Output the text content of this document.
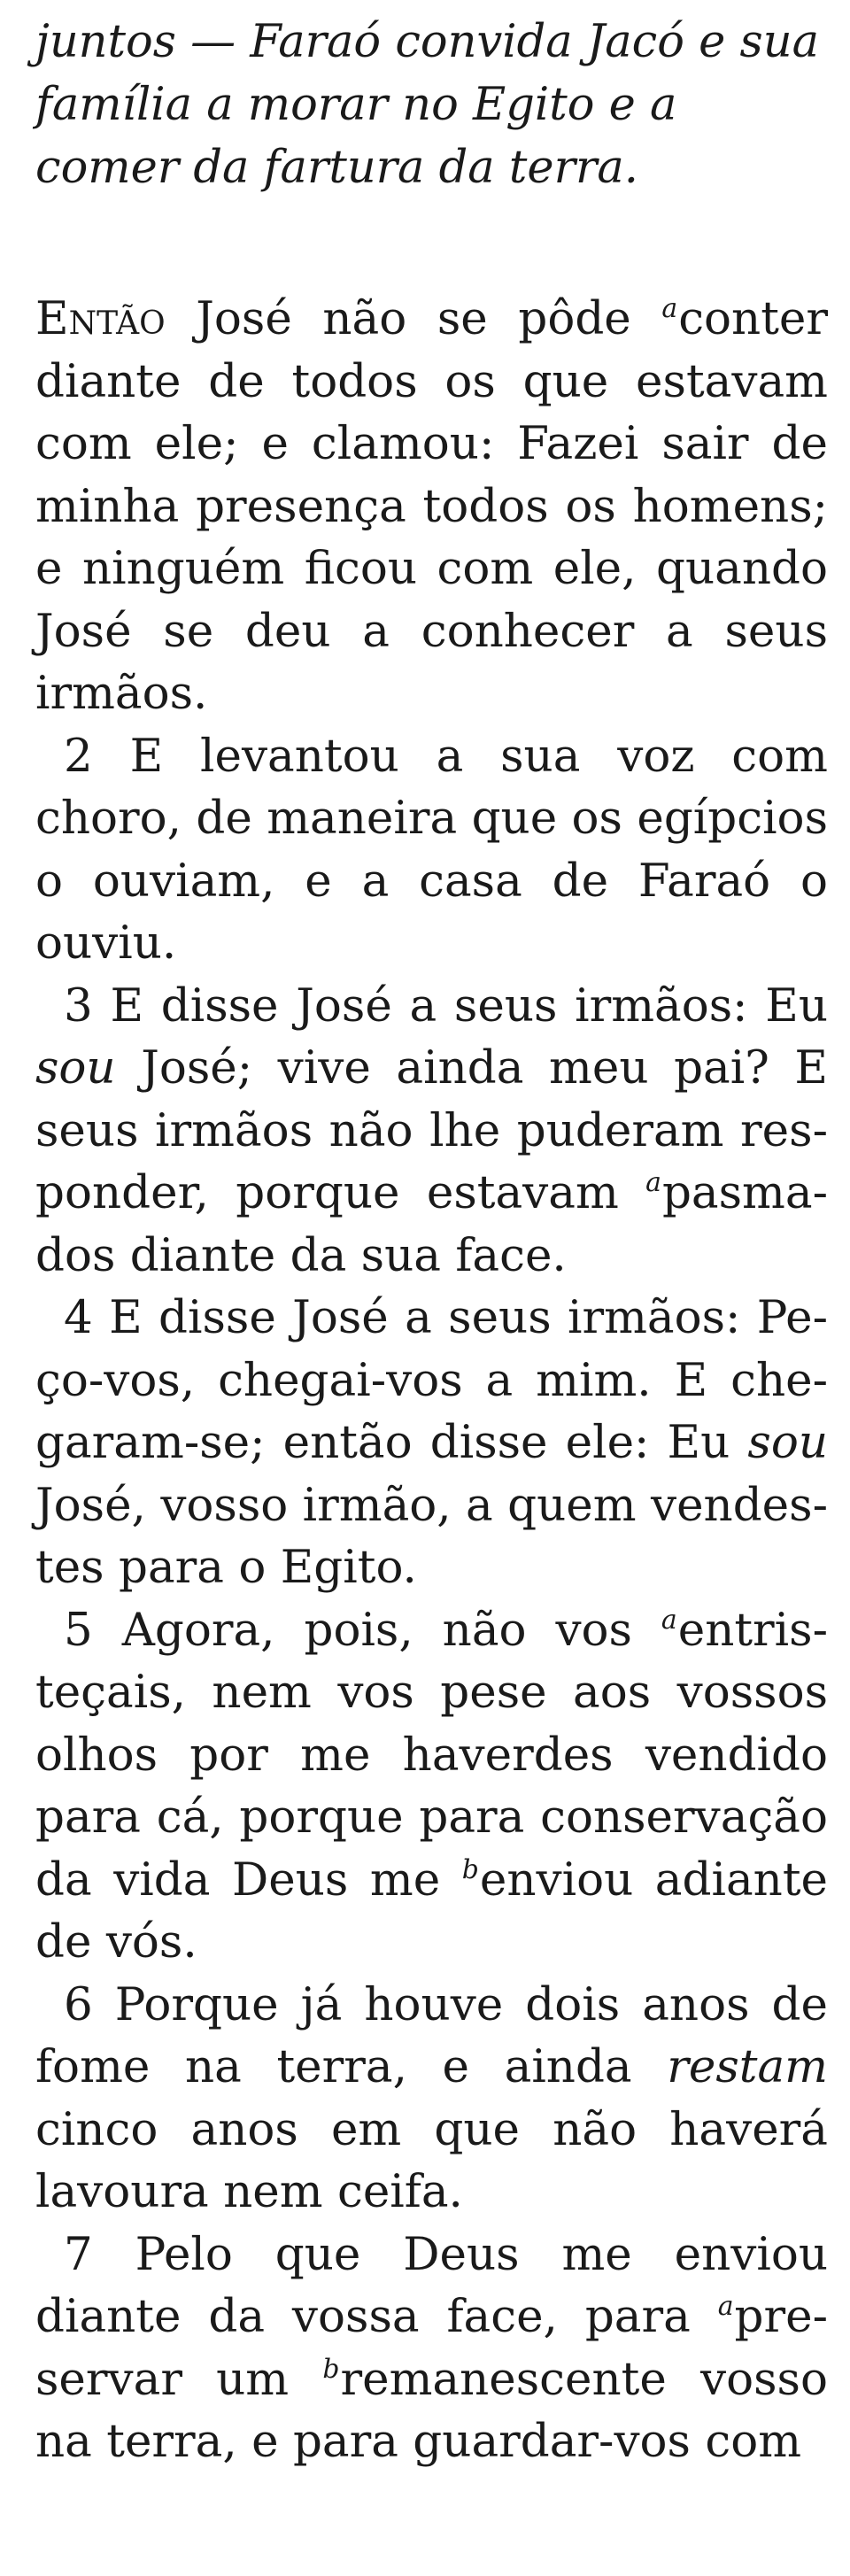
juntos — Faraó convida Jacó e sua família a morar no Egito e a comer da fartura da terra.

Então José não se pôde $^a$conter diante de todos os que estavam com ele; e clamou: Fazei sair de minha presença todos os homens; e ninguém ficou com ele, quando José se deu a conhecer a seus irmãos.

2 E levantou a sua voz com choro, de maneira que os egípcios o ouviam, e a casa de Faraó o ouviu.

3 E disse José a seus irmãos: Eu sou José; vive ainda meu pai? E seus irmãos não lhe puderam responder, porque estavam $^a$pasmados diante da sua face.

4 E disse José a seus irmãos: Peço-vos, chegai-vos a mim. E chegaram-se; então disse ele: Eu sou José, vosso irmão, a quem vendestes para o Egito.

5 Agora, pois, não vos $^a$entristeçais, nem vos pese aos vossos olhos por me haverdes vendido para cá, porque para conservação da vida Deus me $^b$enviou adiante de vós.

6 Porque já houve dois anos de fome na terra, e ainda restam cinco anos em que não haverá lavoura nem ceifa.

7 Pelo que Deus me enviou diante da vossa face, para $^a$preservar um $^b$remanescente vosso na terra, e para guardar-vos com
